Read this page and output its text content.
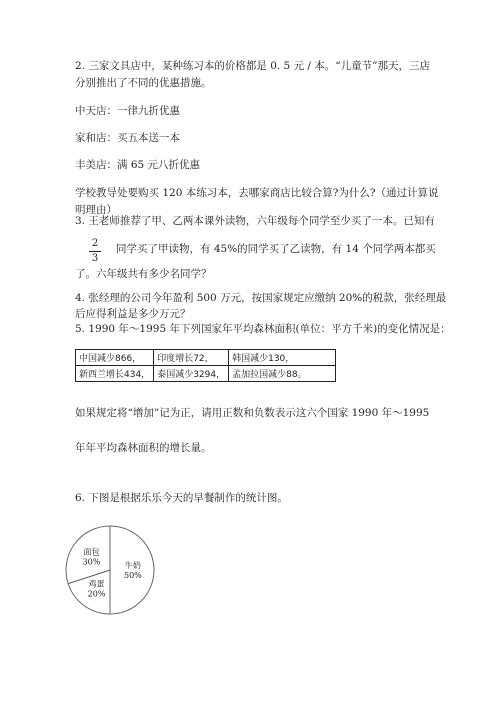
2. 三家文具店中，某种练习本的价格都是 0. 5 元 / 本。“儿童节”那天，三店
分别推出了不同的优惠措施。
中天店：一律九折优惠
家和店：买五本送一本
丰美店：满 65 元八折优惠
学校教导处要购买 120 本练习本，去哪家商店比较合算?为什么?（通过计算说
明理由）
3. 王老师推荐了甲、乙两本课外读物，六年级每个同学至少买了一本。已知有
2
3
同学买了甲读物，有 45%的同学买了乙读物，有 14 个同学两本都买
了。六年级共有多少名同学？
4. 张经理的公司今年盈利 500 万元，按国家规定应缴纳 20%的税款，张经理最
后应得利益是多少万元？
5. 1990 年～1995 年下列国家年平均森林面积(单位：平方千米)的变化情况是：
中国减少866，	印度增长72，	韩国减少130，
新西兰增长434，	泰国减少3294，	孟加拉国减少88。
如果规定将“增加”记为正，请用正数和负数表示这六个国家 1990 年～1995
年年平均森林面积的增长量。
6. 下图是根据乐乐今天的早餐制作的统计图。
牛奶
50%
鸡蛋
20%
面包
30%
